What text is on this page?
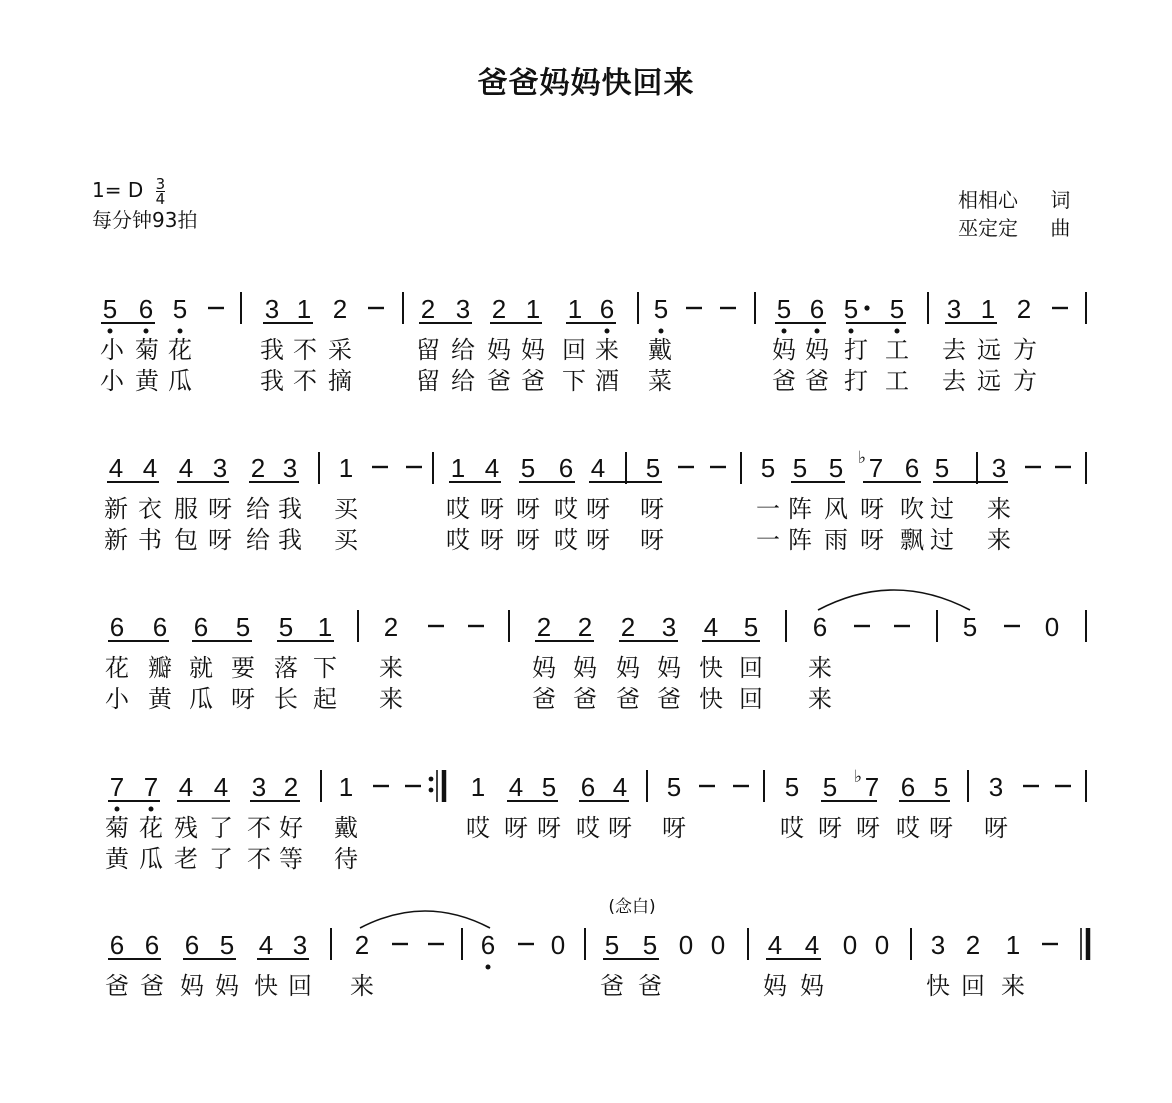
爸爸妈妈快回来
1= D $\frac{3}{4}$
每分钟93拍
相相心 词
巫定定 曲
5 6 5	3 1 2	2 3 2 1 1 6 5	5 6 5 5 3 1 2
小 菊 花	我 不 采	留 给 妈 妈 回 来 戴	妈 妈 打 工 去 远 方
小 黄 瓜	我 不 摘	留 给 爸 爸 下 酒 菜	爸 爸 打 工 去 远 方
4 4 4 3 2 3 1	1 4 5 6 4 5	5 5 5 ♭ 7 6 5 3
新 衣 服 呀 给 我 买	哎 呀 呀 哎 呀 呀	一 阵 风 呀 吹 过 来
新 书 包 呀 给 我 买	哎 呀 呀 哎 呀 呀	一 阵 雨 呀 飘 过 来
6 6 6 5 5 1 2	2 2 2 3 4 5 6	5	0
花 瓣 就 要 落 下 来	妈 妈 妈 妈 快 回 来
小 黄 瓜 呀 长 起 来	爸 爸 爸 爸 快 回 来
7 7 4 4 3 2 1	1 4 5 6 4 5	5 5 ♭ 7 6 5 3
菊 花 残 了 不 好 戴	哎 呀 呀 哎 呀 呀	哎 呀 呀 哎 呀 呀
黄 瓜 老 了 不 等 待
6 6 6 5 4 3 2	6 0 5 5 0 0 4 4 0 0 3 2 1
(念白)
爸 爸 妈 妈 快 回 来	爸 爸	妈 妈	快 回 来
